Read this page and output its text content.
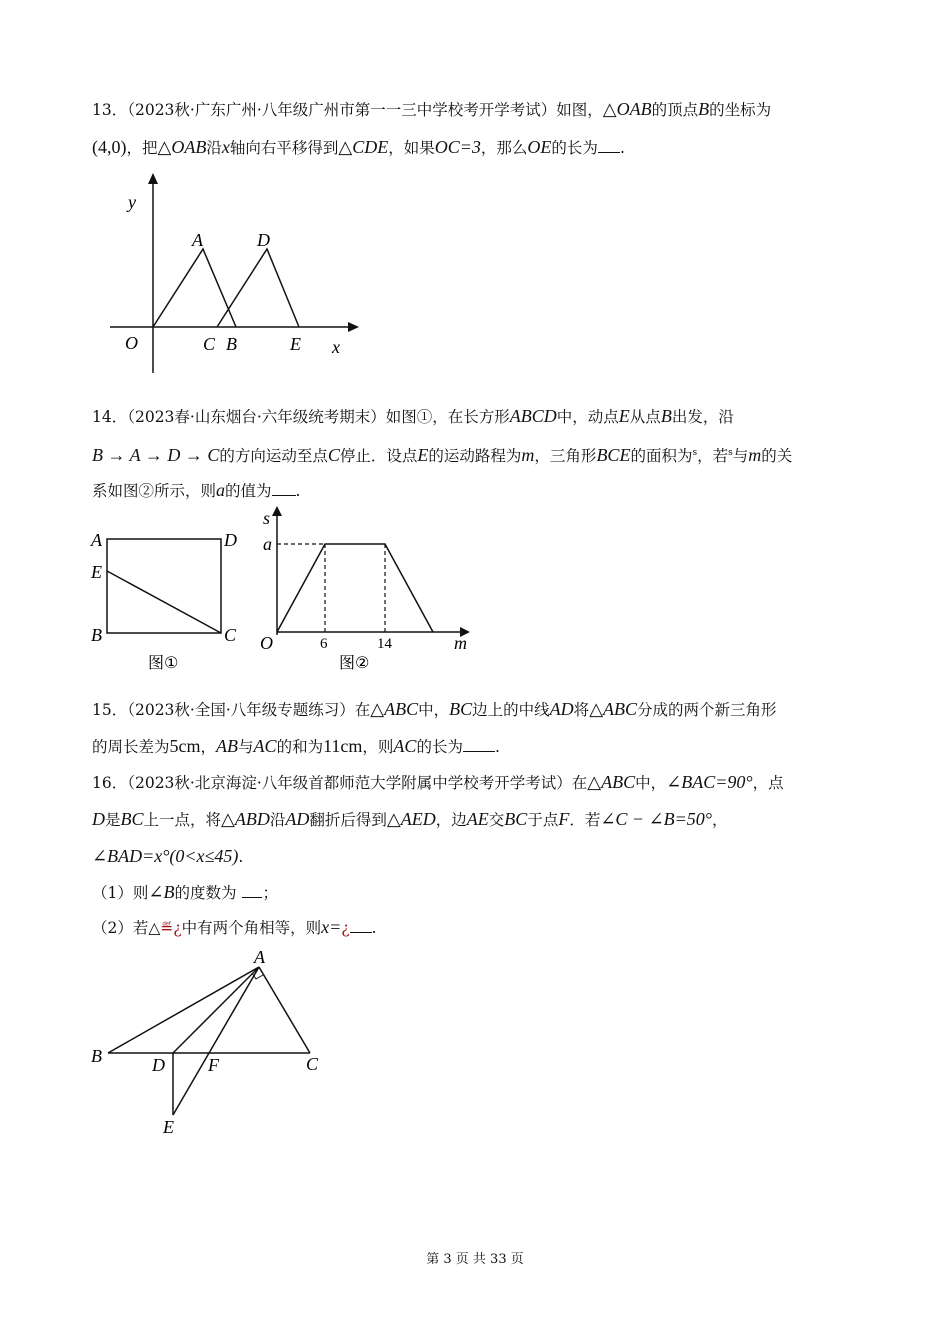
13．（2023秋·广东广州·八年级广州市第一一三中学校考开学考试）如图，△OAB的顶点B的坐标为
(4,0)，把△OAB沿x轴向右平移得到△CDE，如果OC=3，那么OE的长为 .
y
x
O
A	D
C B	E
14．（2023春·山东烟台·六年级统考期末）如图①，在长方形ABCD中，动点E从点B出发，沿
B → A → D → C的方向运动至点C停止．设点E的运动路程为m，三角形BCE的面积为$^s$，若$^s$与m的关
系如图②所示，则a的值为 .
A	D
E
B	C
图①
s
a
O	6	14	m
图②
15．（2023秋·全国·八年级专题练习）在△ABC中，BC边上的中线AD将△ABC分成的两个新三角形
的周长差为5cm，AB与AC的和为11cm，则AC的长为 .
16．（2023秋·北京海淀·八年级首都师范大学附属中学校考开学考试）在△ABC中，∠BAC=90°，点
D是BC上一点，将△ABD沿AD翻折后得到△AED，边AE交BC于点F．若∠C − ∠B=50°，
∠BAD=x°(0<x≤45).
（1）则∠B的度数为 ；
（2）若△≝¿中有两个角相等，则x=¿ .
A
B	C
D F
E
第 3 页 共 33 页
